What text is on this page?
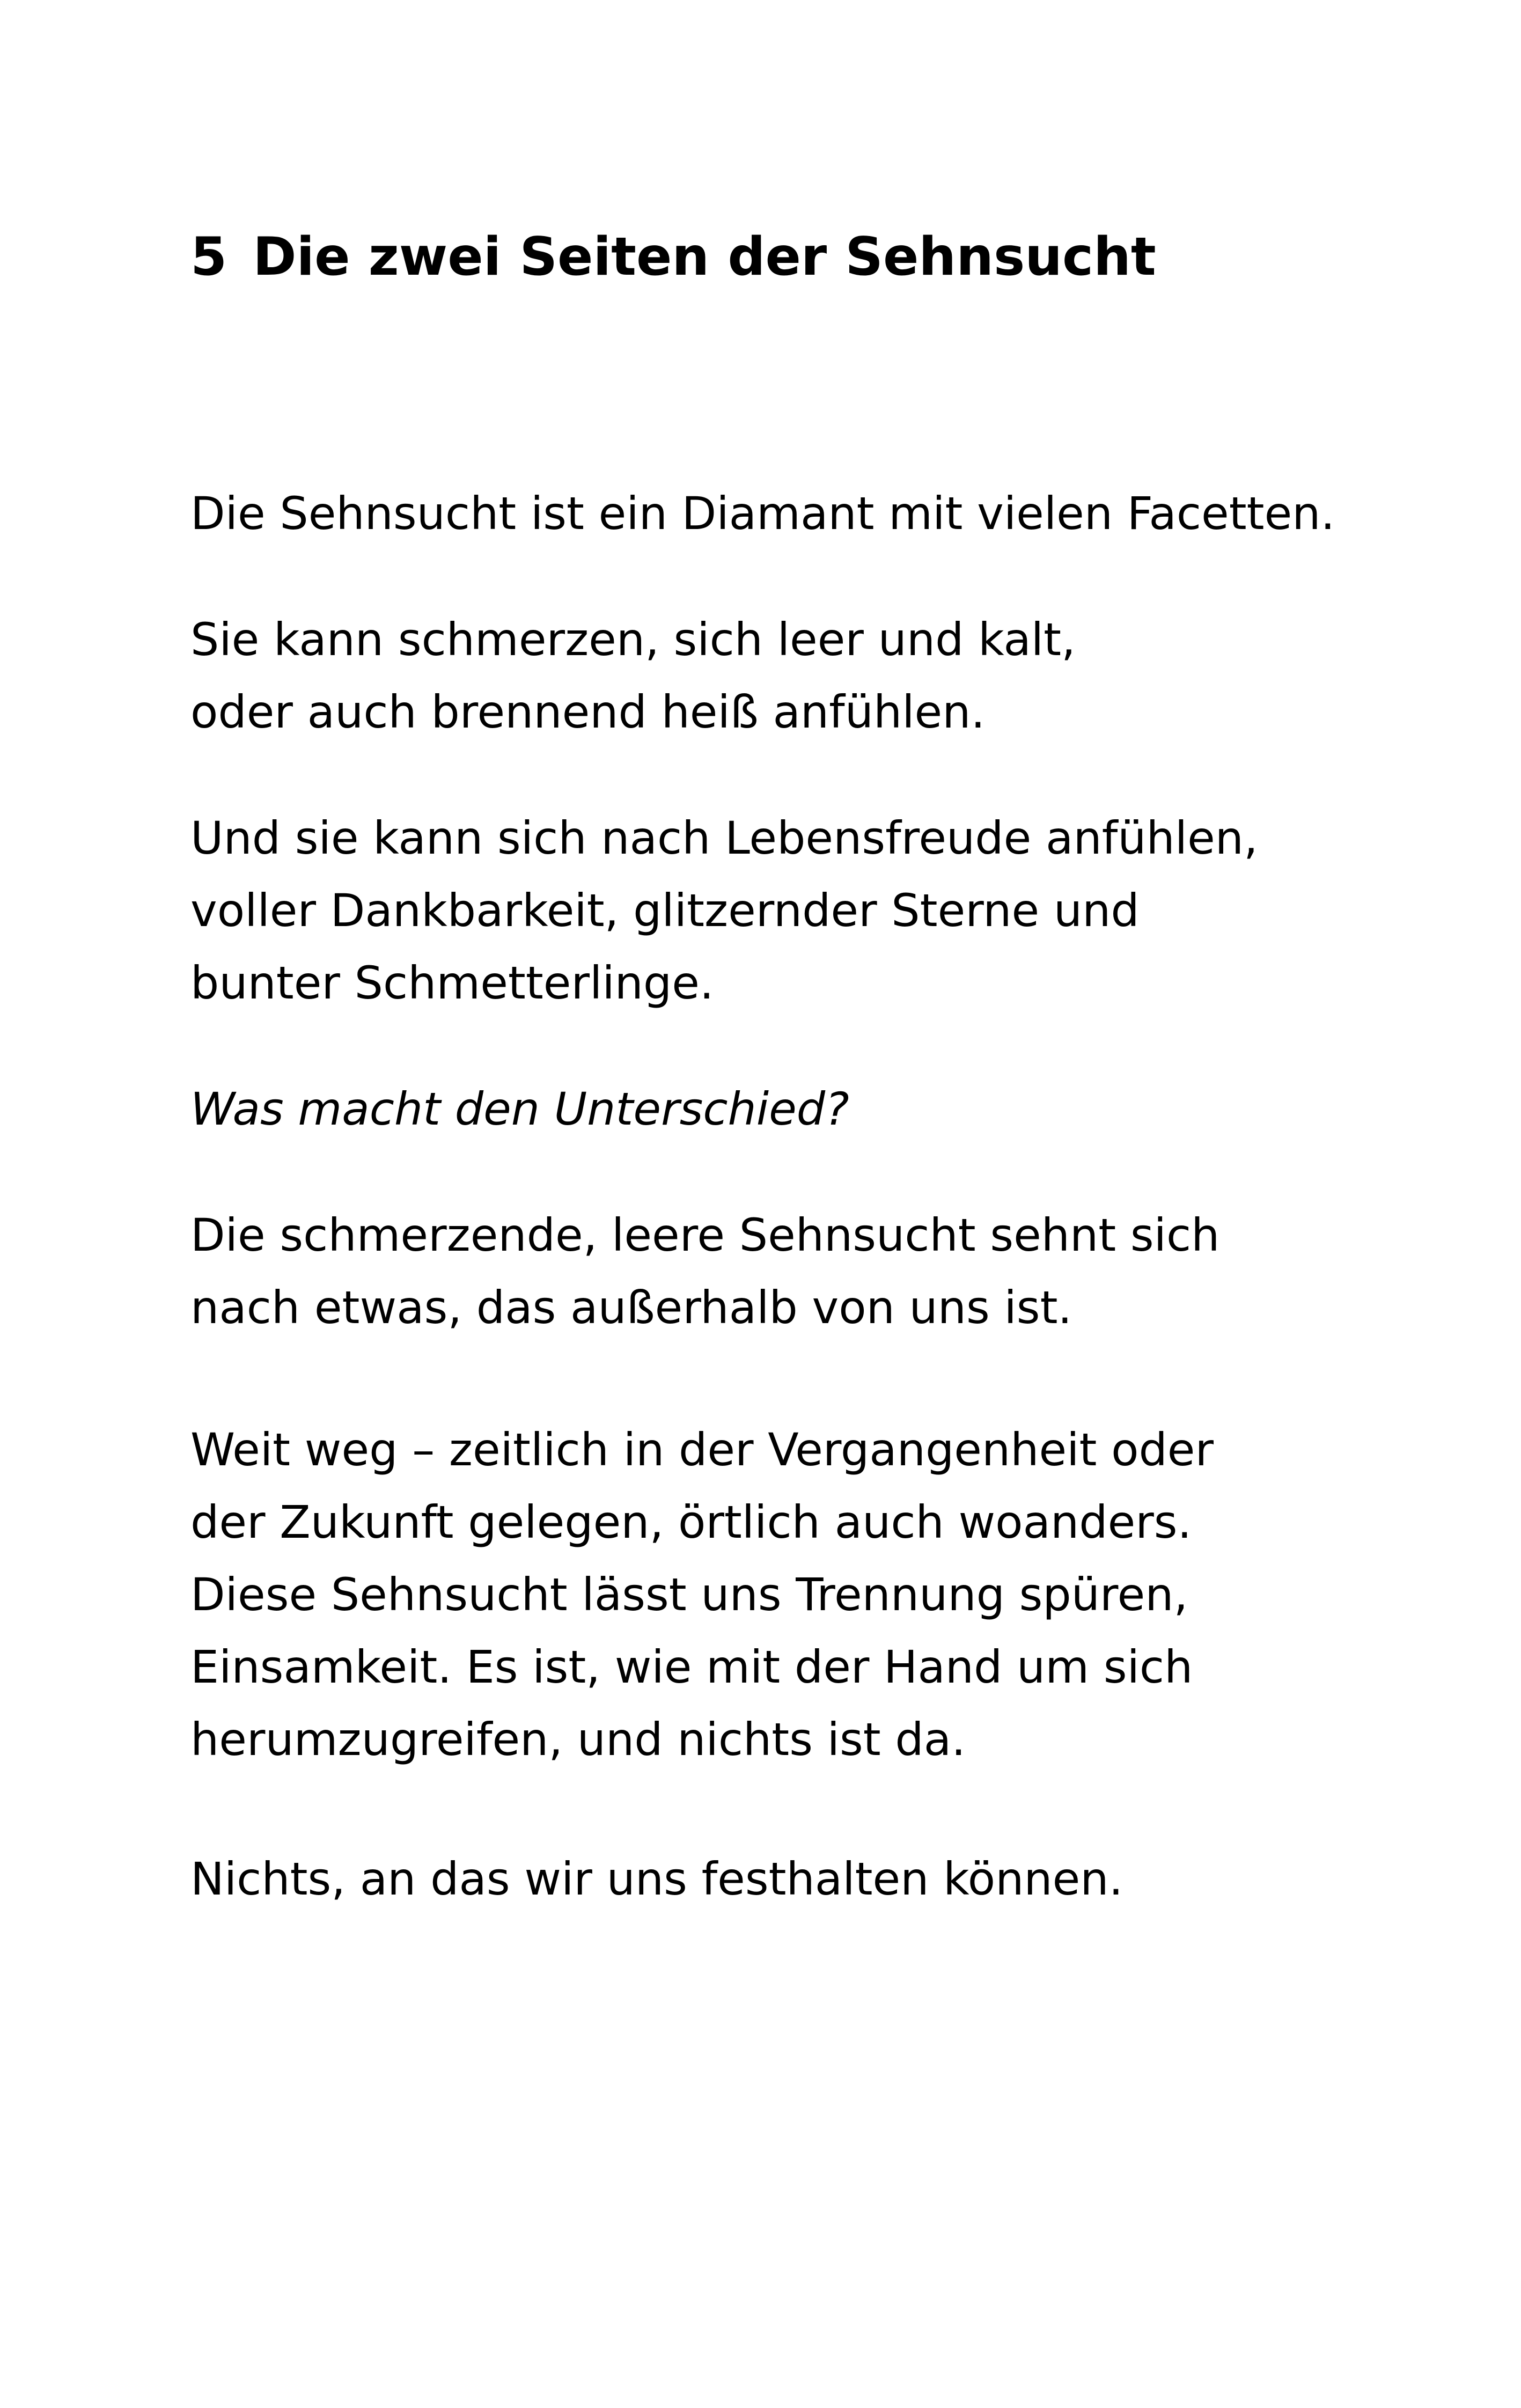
5 Die zwei Seiten der Sehnsucht

Die Sehnsucht ist ein Diamant mit vielen Facetten.

Sie kann schmerzen, sich leer und kalt,

oder auch brennend heiß anfühlen.

Und sie kann sich nach Lebensfreude anfühlen,

voller Dankbarkeit, glitzernder Sterne und

bunter Schmetterlinge.

Was macht den Unterschied?

Die schmerzende, leere Sehnsucht sehnt sich

nach etwas, das außerhalb von uns ist.

Weit weg – zeitlich in der Vergangenheit oder

der Zukunft gelegen, örtlich auch woanders.

Diese Sehnsucht lässt uns Trennung spüren,

Einsamkeit. Es ist, wie mit der Hand um sich

herumzugreifen, und nichts ist da.

Nichts, an das wir uns festhalten können.
